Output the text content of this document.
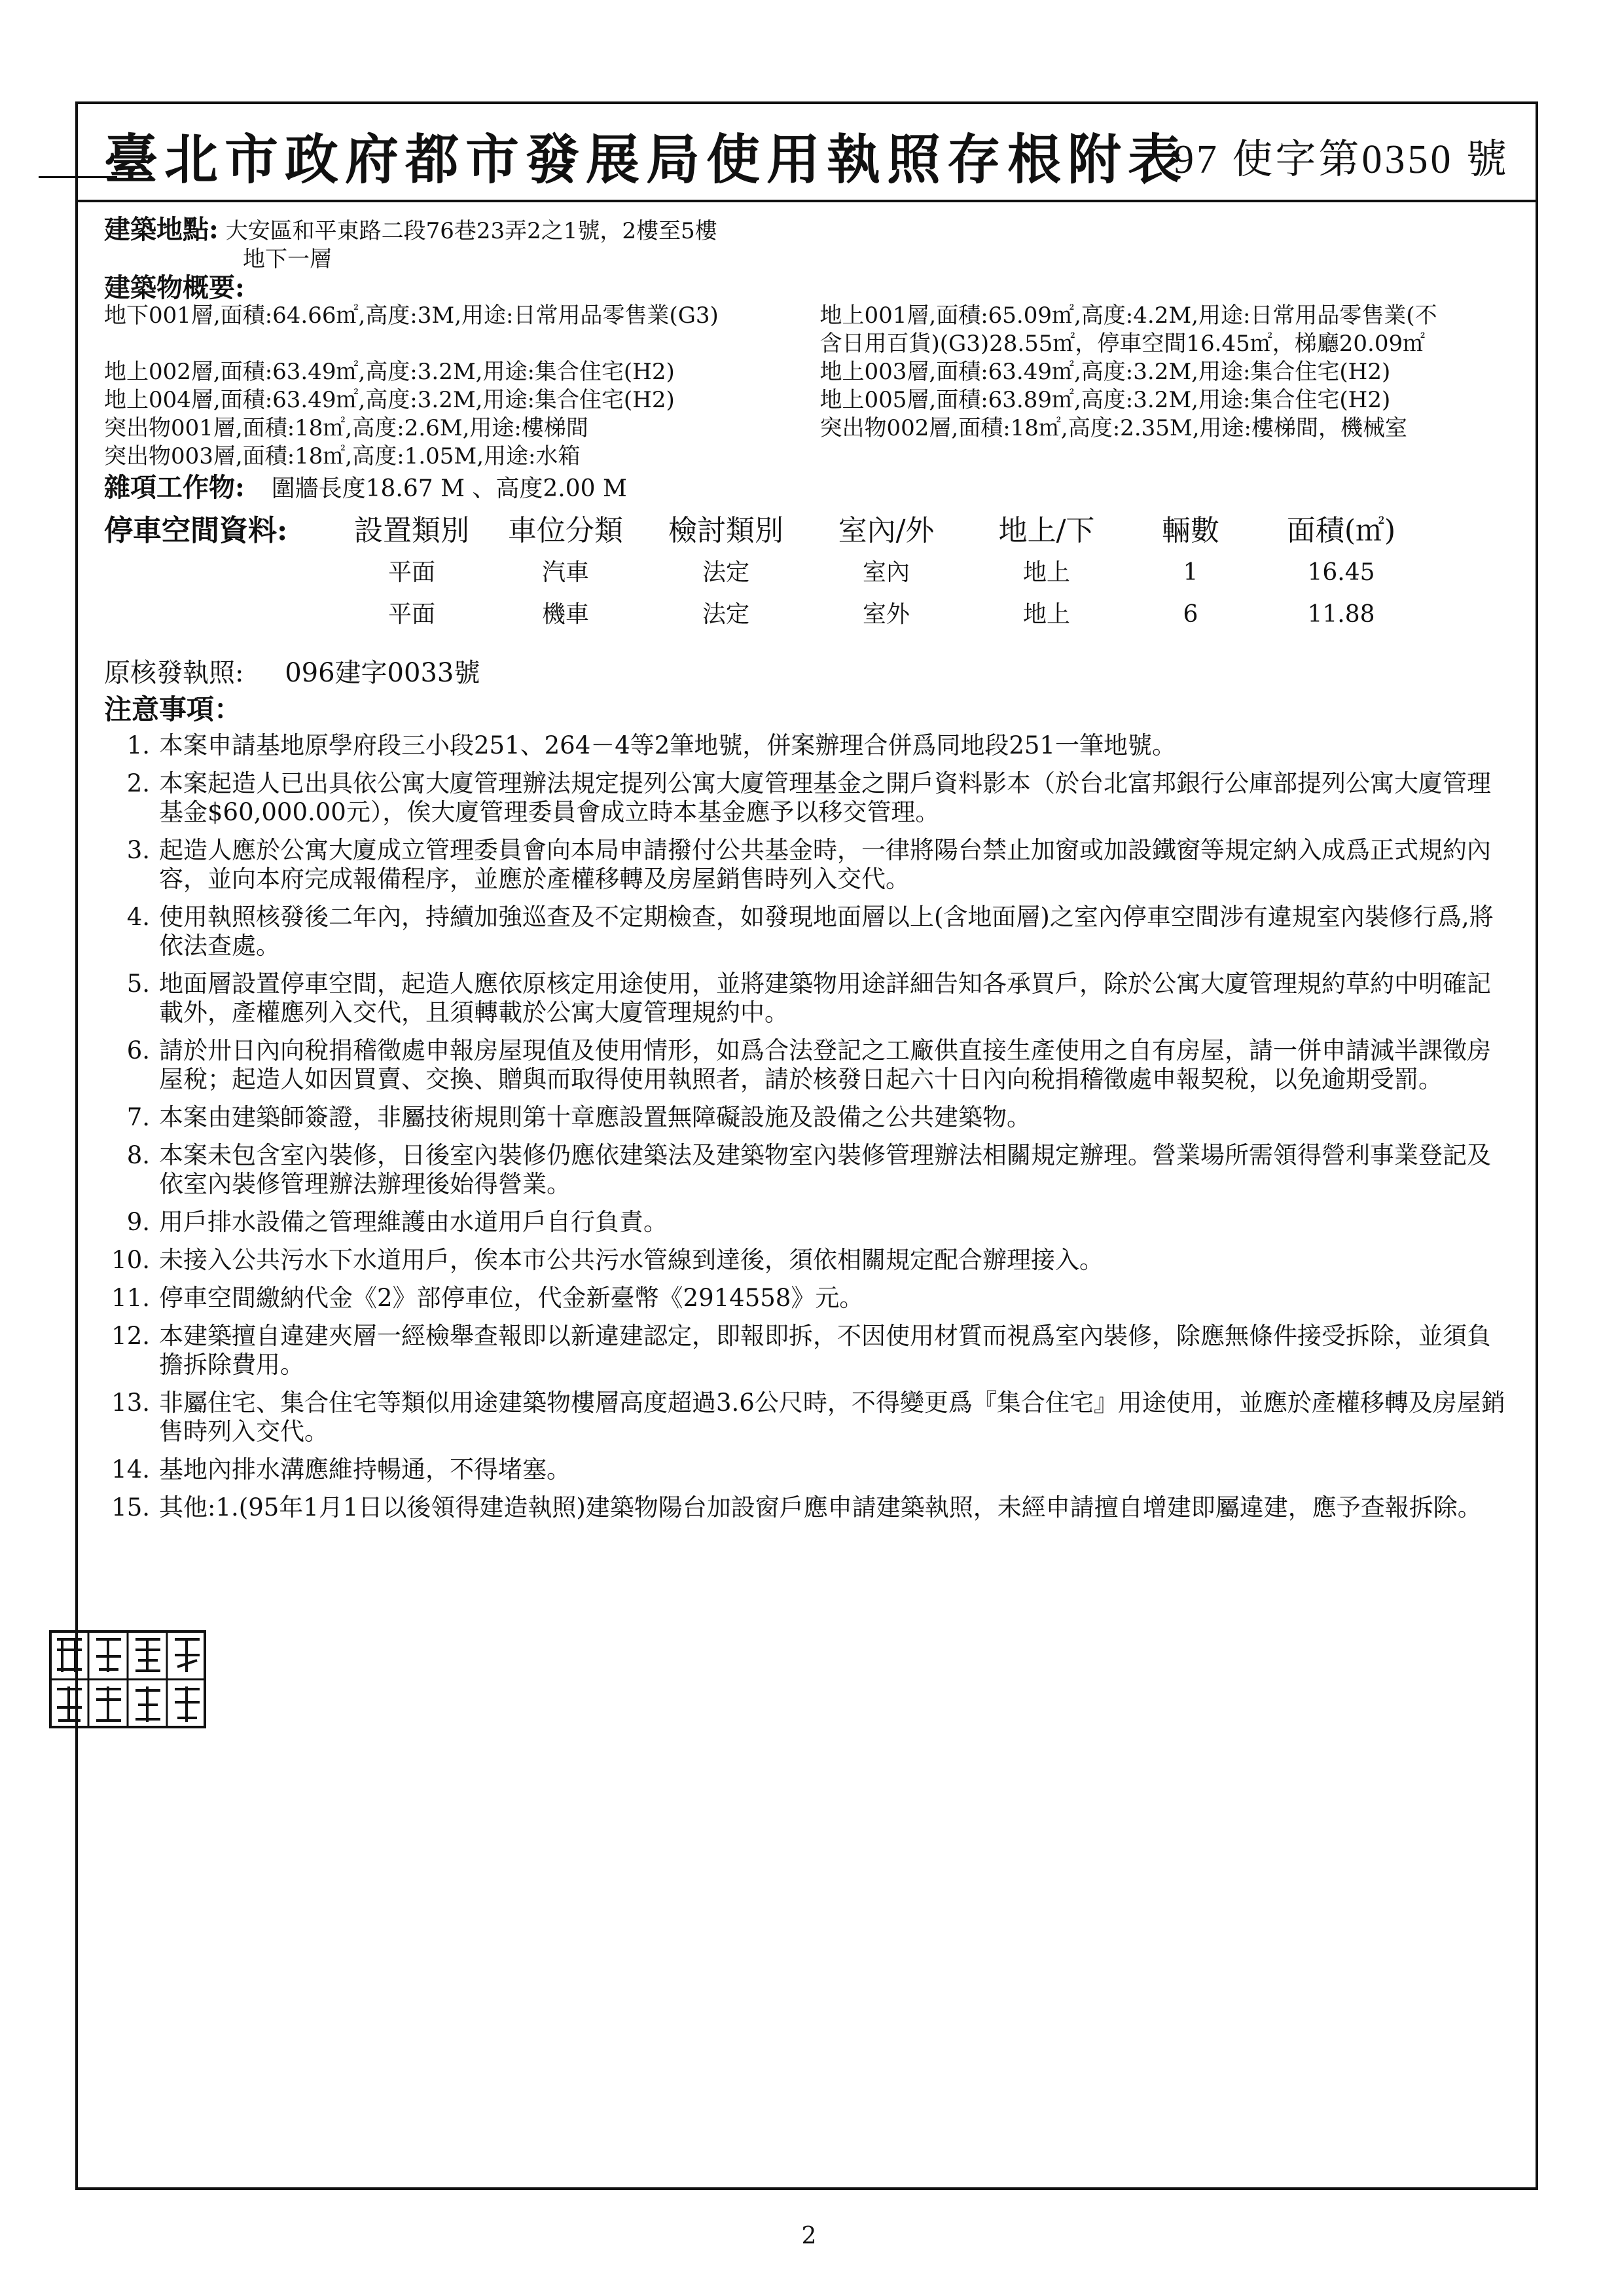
臺北市政府都市發展局使用執照存根附表
97 使字第0350 號
建築地點: 大安區和平東路二段76巷23弄2之1號，2樓至5樓
地下一層
建築物概要:
地下001層,面積:64.66㎡,高度:3M,用途:日常用品零售業(G3)

地上002層,面積:63.49㎡,高度:3.2M,用途:集合住宅(H2)
地上004層,面積:63.49㎡,高度:3.2M,用途:集合住宅(H2)
突出物001層,面積:18㎡,高度:2.6M,用途:樓梯間
突出物003層,面積:18㎡,高度:1.05M,用途:水箱
地上001層,面積:65.09㎡,高度:4.2M,用途:日常用品零售業(不
含日用百貨)(G3)28.55㎡，停車空間16.45㎡，梯廳20.09㎡
地上003層,面積:63.49㎡,高度:3.2M,用途:集合住宅(H2)
地上005層,面積:63.89㎡,高度:3.2M,用途:集合住宅(H2)
突出物002層,面積:18㎡,高度:2.35M,用途:樓梯間，機械室

雜項工作物: 圍牆長度18.67 M 、高度2.00 M
停車空間資料:	設置類別	車位分類	檢討類別	室內/外	地上/下	輛數	面積(㎡)
平面	汽車	法定	室內	地上	1	16.45
平面	機車	法定	室外	地上	6	11.88
原核發執照: 096建字0033號
注意事項：
1. 本案申請基地原學府段三小段251、264－4等2筆地號，併案辦理合併爲同地段251一筆地號。
2. 本案起造人已出具依公寓大廈管理辦法規定提列公寓大廈管理基金之開戶資料影本（於台北富邦銀行公庫部提列公寓大廈管理基金$60,000.00元），俟大廈管理委員會成立時本基金應予以移交管理。
3. 起造人應於公寓大廈成立管理委員會向本局申請撥付公共基金時，一律將陽台禁止加窗或加設鐵窗等規定納入成爲正式規約內容，並向本府完成報備程序，並應於產權移轉及房屋銷售時列入交代。
4. 使用執照核發後二年內，持續加強巡查及不定期檢查，如發現地面層以上(含地面層)之室內停車空間涉有違規室內裝修行爲,將依法查處。
5. 地面層設置停車空間，起造人應依原核定用途使用，並將建築物用途詳細告知各承買戶，除於公寓大廈管理規約草約中明確記載外，產權應列入交代，且須轉載於公寓大廈管理規約中。
6. 請於卅日內向稅捐稽徵處申報房屋現值及使用情形，如爲合法登記之工廠供直接生產使用之自有房屋，請一併申請減半課徵房屋稅；起造人如因買賣、交換、贈與而取得使用執照者，請於核發日起六十日內向稅捐稽徵處申報契稅，以免逾期受罰。
7. 本案由建築師簽證，非屬技術規則第十章應設置無障礙設施及設備之公共建築物。
8. 本案未包含室內裝修，日後室內裝修仍應依建築法及建築物室內裝修管理辦法相關規定辦理。營業場所需領得營利事業登記及依室內裝修管理辦法辦理後始得營業。
9. 用戶排水設備之管理維護由水道用戶自行負責。
10. 未接入公共污水下水道用戶，俟本市公共污水管線到達後，須依相關規定配合辦理接入。
11. 停車空間繳納代金《2》部停車位，代金新臺幣《2914558》元。
12. 本建築擅自違建夾層一經檢舉查報即以新違建認定，即報即拆，不因使用材質而視爲室內裝修，除應無條件接受拆除，並須負擔拆除費用。
13. 非屬住宅、集合住宅等類似用途建築物樓層高度超過3.6公尺時，不得變更爲『集合住宅』用途使用，並應於產權移轉及房屋銷售時列入交代。
14. 基地內排水溝應維持暢通，不得堵塞。
15. 其他:1.(95年1月1日以後領得建造執照)建築物陽台加設窗戶應申請建築執照，未經申請擅自增建即屬違建，應予查報拆除。
2
